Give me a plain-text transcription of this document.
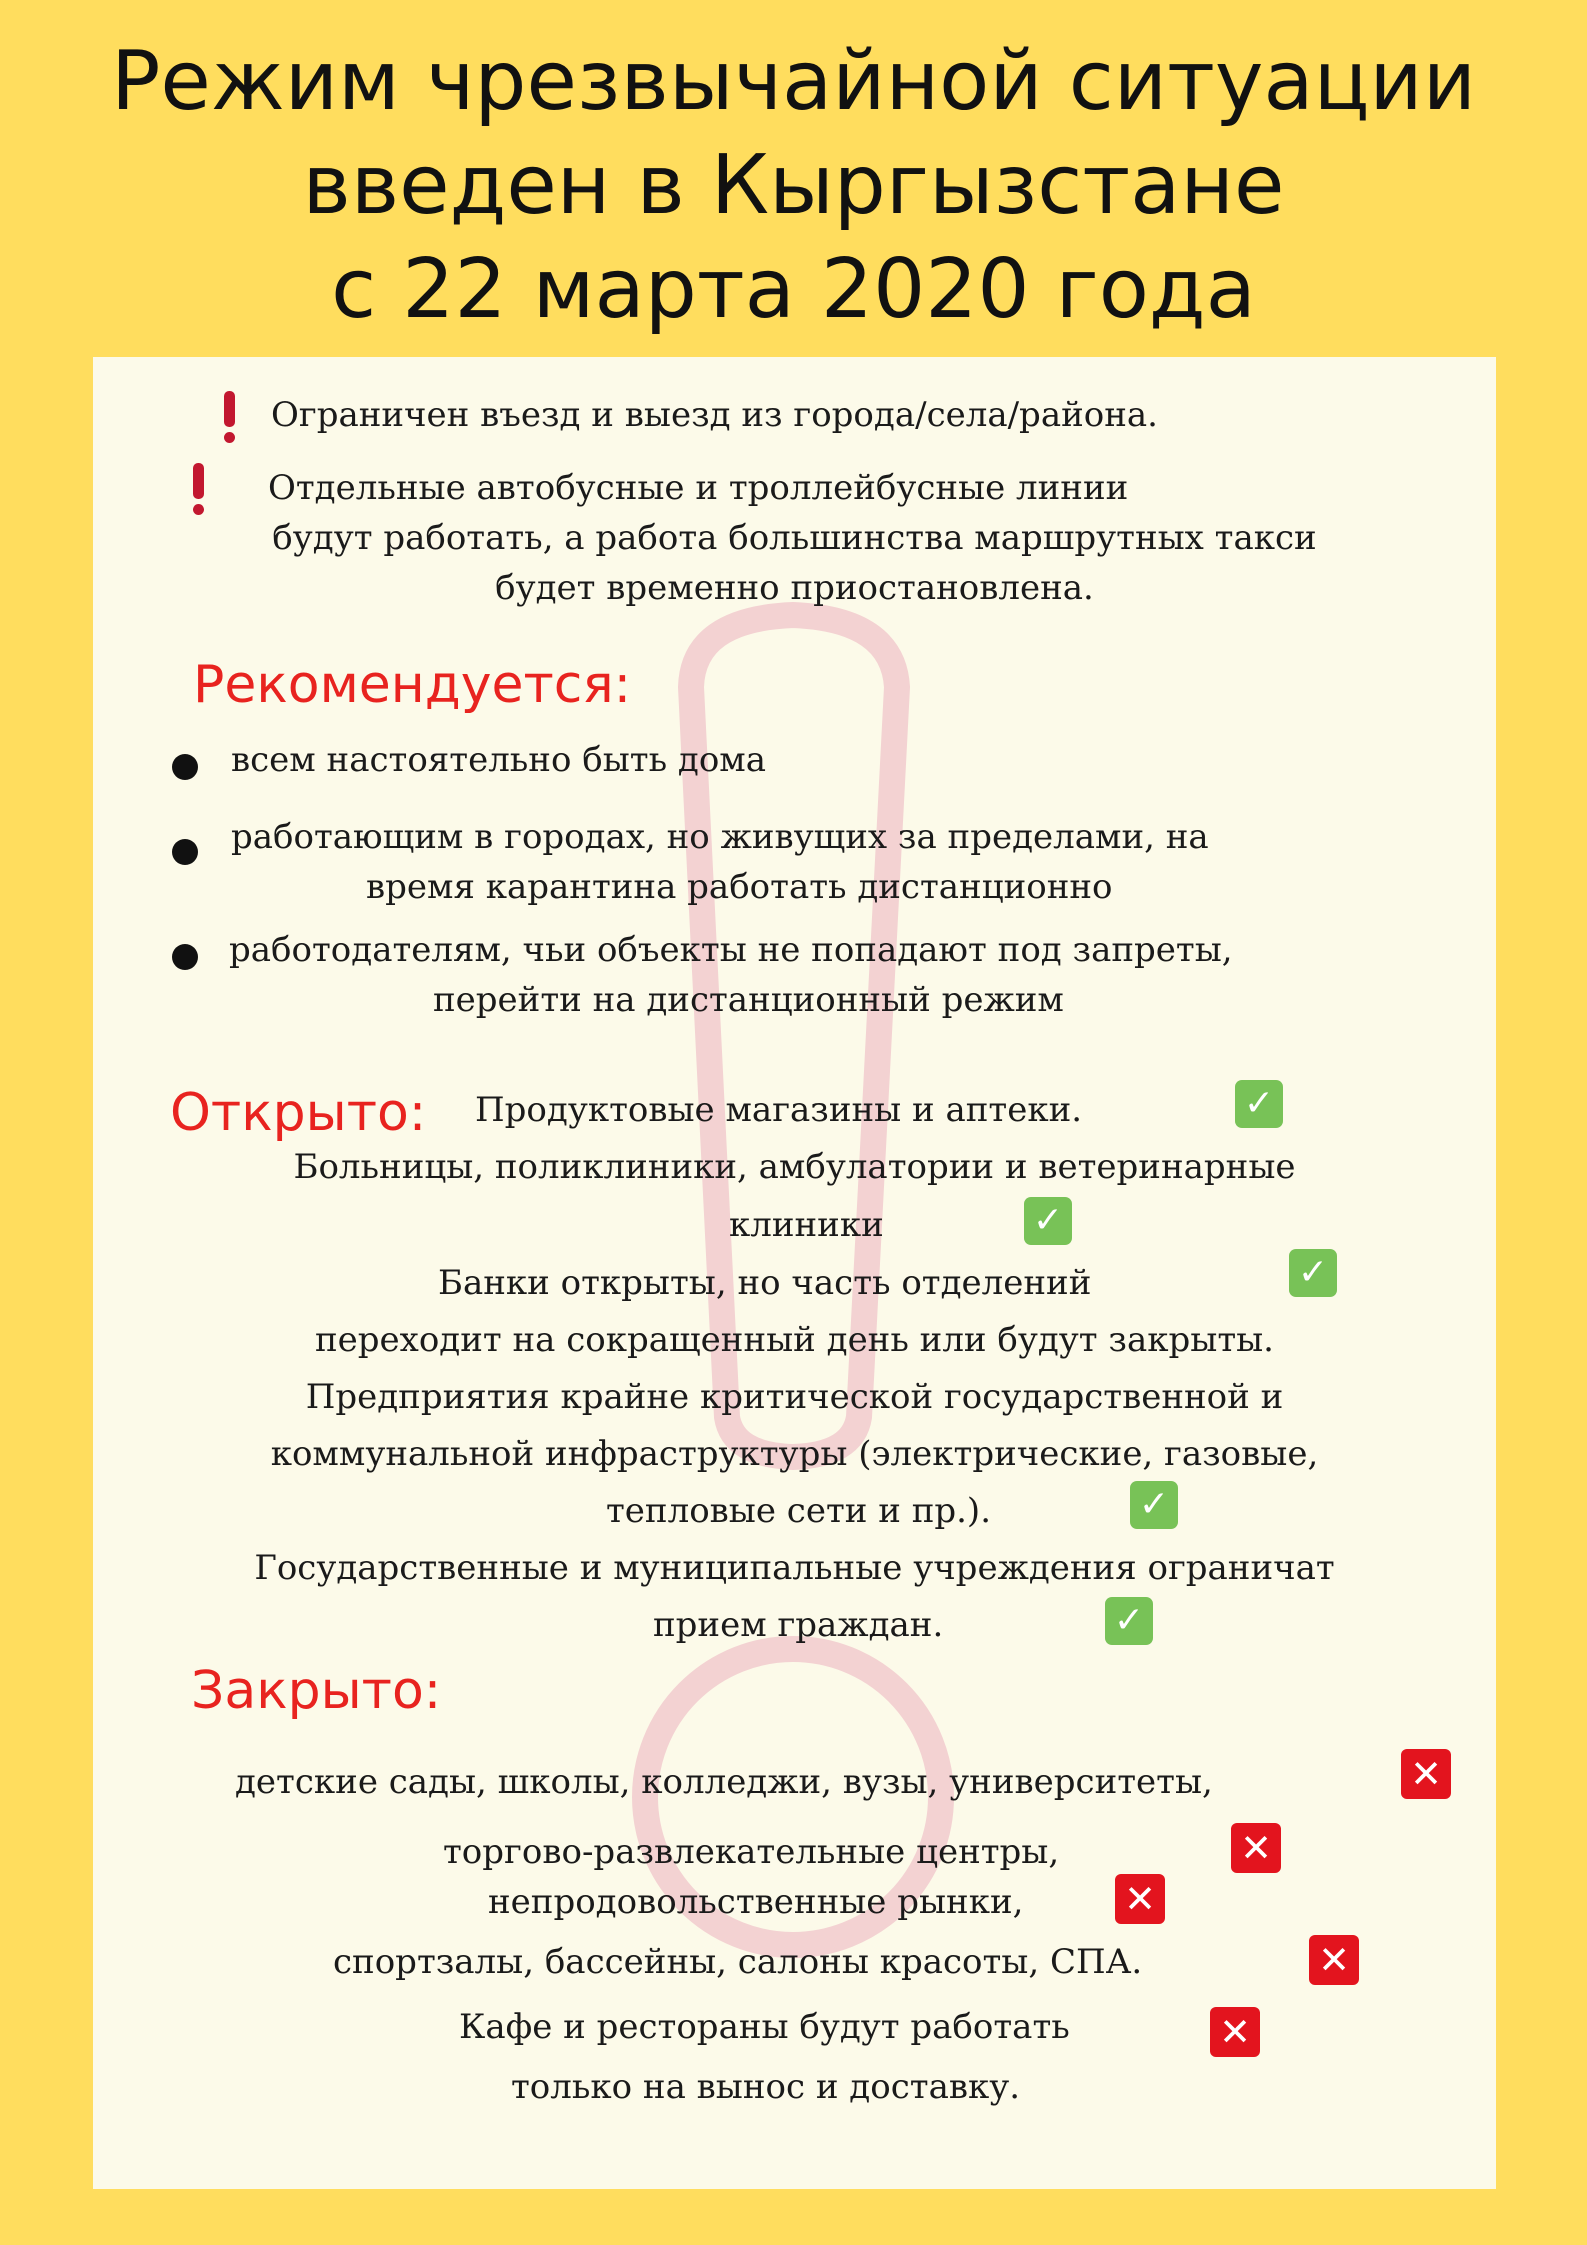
Режим чрезвычайной ситуации
введен в Кыргызстане
с 22 марта 2020 года
Ограничен въезд и выезд из города/села/района.
Отдельные автобусные и троллейбусные линии
будут работать, а работа большинства маршрутных такси
будет временно приостановлена.
Рекомендуется:
всем настоятельно быть дома
работающим в городах, но живущих за пределами, на
время карантина работать дистанционно
работодателям, чьи объекты не попадают под запреты,
перейти на дистанционный режим
Открыто: Продуктовые магазины и аптеки.	✓
Больницы, поликлиники, амбулатории и ветеринарные
клиники	✓
Банки открыты, но часть отделений	✓
переходит на сокращенный день или будут закрыты.
Предприятия крайне критической государственной и
коммунальной инфраструктуры (электрические, газовые,
тепловые сети и пр.).	✓
Государственные и муниципальные учреждения ограничат
прием граждан.	✓
Закрыто:
детские сады, школы, колледжи, вузы, университеты,	✕
торгово-развлекательные центры,	✕
непродовольственные рынки,	✕
спортзалы, бассейны, салоны красоты, СПА.	✕
Кафе и рестораны будут работать	✕
только на вынос и доставку.
